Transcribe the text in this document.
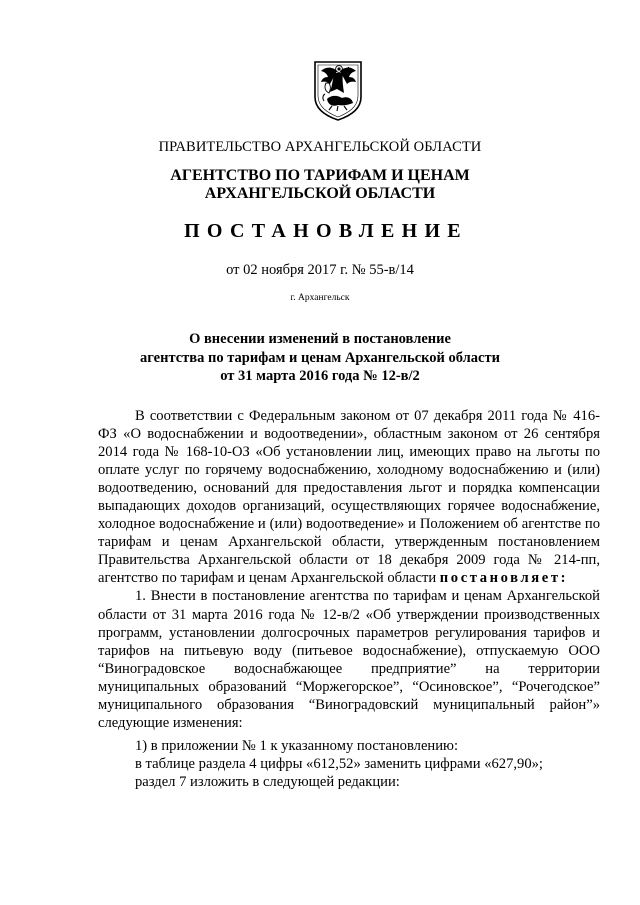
ПРАВИТЕЛЬСТВО АРХАНГЕЛЬСКОЙ ОБЛАСТИ
АГЕНТСТВО ПО ТАРИФАМ И ЦЕНАМ
АРХАНГЕЛЬСКОЙ ОБЛАСТИ
ПОСТАНОВЛЕНИЕ
от 02 ноября 2017 г. № 55-в/14
г. Архангельск
О внесении изменений в постановление
агентства по тарифам и ценам Архангельской области
от 31 марта 2016 года № 12-в/2

В соответствии с Федеральным законом от 07 декабря 2011 года № 416-ФЗ «О водоснабжении и водоотведении», областным законом от 26 сентября 2014 года № 168-10-ОЗ «Об установлении лиц, имеющих право на льготы по оплате услуг по горячему водоснабжению, холодному водоснабжению и (или) водоотведению, оснований для предоставления льгот и порядка компенсации выпадающих доходов организаций, осуществляющих горячее водоснабжение, холодное водоснабжение и (или) водоотведение» и Положением об агентстве по тарифам и ценам Архангельской области, утвержденным постановлением Правительства Архангельской области от 18 декабря 2009 года № 214-пп, агентство по тарифам и ценам Архангельской области постановляет:

1. Внести в постановление агентства по тарифам и ценам Архангельской области от 31 марта 2016 года № 12-в/2 «Об утверждении производственных программ, установлении долгосрочных параметров регулирования тарифов и тарифов на питьевую воду (питьевое водоснабжение), отпускаемую ООО “Виноградовское водоснабжающее предприятие” на территории муниципальных образований “Моржегорское”, “Осиновское”, “Рочегодское” муниципального образования “Виноградовский муниципальный район”» следующие изменения:

1) в приложении № 1 к указанному постановлению:
в таблице раздела 4 цифры «612,52» заменить цифрами «627,90»;
раздел 7 изложить в следующей редакции:
